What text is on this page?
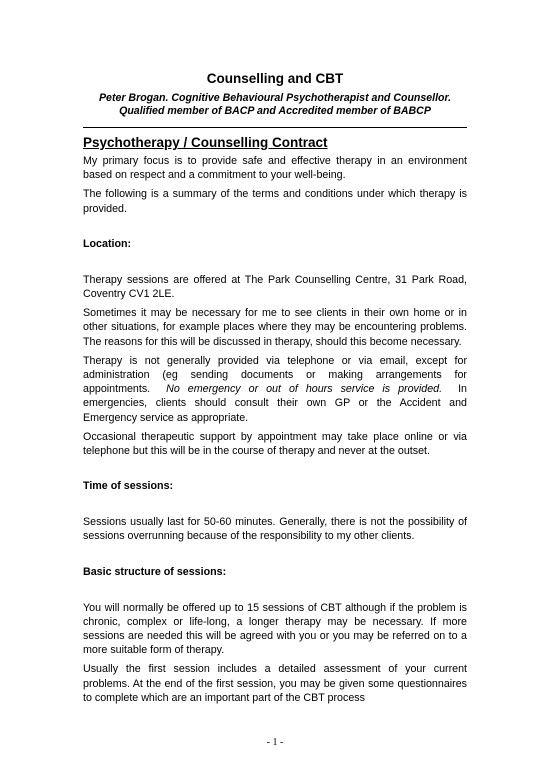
Counselling and CBT
Peter Brogan. Cognitive Behavioural Psychotherapist and Counsellor.
Qualified member of BACP and Accredited member of BABCP
Psychotherapy / Counselling Contract

My primary focus is to provide safe and effective therapy in an environment based on respect and a commitment to your well-being.

The following is a summary of the terms and conditions under which therapy is provided.

Location:

Therapy sessions are offered at The Park Counselling Centre, 31 Park Road, Coventry CV1 2LE.

Sometimes it may be necessary for me to see clients in their own home or in other situations, for example places where they may be encountering problems. The reasons for this will be discussed in therapy, should this become necessary.

Therapy is not generally provided via telephone or via email, except for administration (eg sending documents or making arrangements for appointments. No emergency or out of hours service is provided. In emergencies, clients should consult their own GP or the Accident and Emergency service as appropriate.

Occasional therapeutic support by appointment may take place online or via telephone but this will be in the course of therapy and never at the outset.

Time of sessions:

Sessions usually last for 50-60 minutes. Generally, there is not the possibility of sessions overrunning because of the responsibility to my other clients.

Basic structure of sessions:

You will normally be offered up to 15 sessions of CBT although if the problem is chronic, complex or life-long, a longer therapy may be necessary. If more sessions are needed this will be agreed with you or you may be referred on to a more suitable form of therapy.

Usually the first session includes a detailed assessment of your current problems. At the end of the first session, you may be given some questionnaires to complete which are an important part of the CBT process

- 1 -
